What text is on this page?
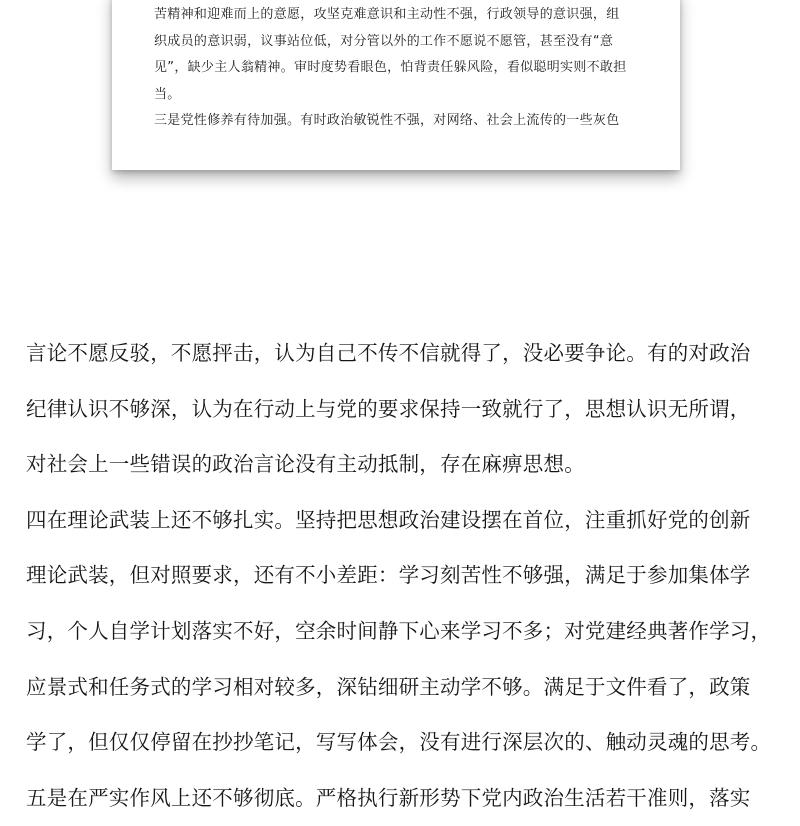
苦精神和迎难而上的意愿，攻坚克难意识和主动性不强，行政领导的意识强，组

织成员的意识弱，议事站位低，对分管以外的工作不愿说不愿管，甚至没有“意

见”，缺少主人翁精神。审时度势看眼色，怕背责任躲风险，看似聪明实则不敢担

当。

三是党性修养有待加强。有时政治敏锐性不强，对网络、社会上流传的一些灰色

言论不愿反驳，不愿抨击，认为自己不传不信就得了，没必要争论。有的对政治

纪律认识不够深，认为在行动上与党的要求保持一致就行了，思想认识无所谓，

对社会上一些错误的政治言论没有主动抵制，存在麻痹思想。

四在理论武装上还不够扎实。坚持把思想政治建设摆在首位，注重抓好党的创新

理论武装，但对照要求，还有不小差距：学习刻苦性不够强，满足于参加集体学

习，个人自学计划落实不好，空余时间静下心来学习不多；对党建经典著作学习，

应景式和任务式的学习相对较多，深钻细研主动学不够。满足于文件看了，政策

学了，但仅仅停留在抄抄笔记，写写体会，没有进行深层次的、触动灵魂的思考。

五是在严实作风上还不够彻底。严格执行新形势下党内政治生活若干准则，落实
